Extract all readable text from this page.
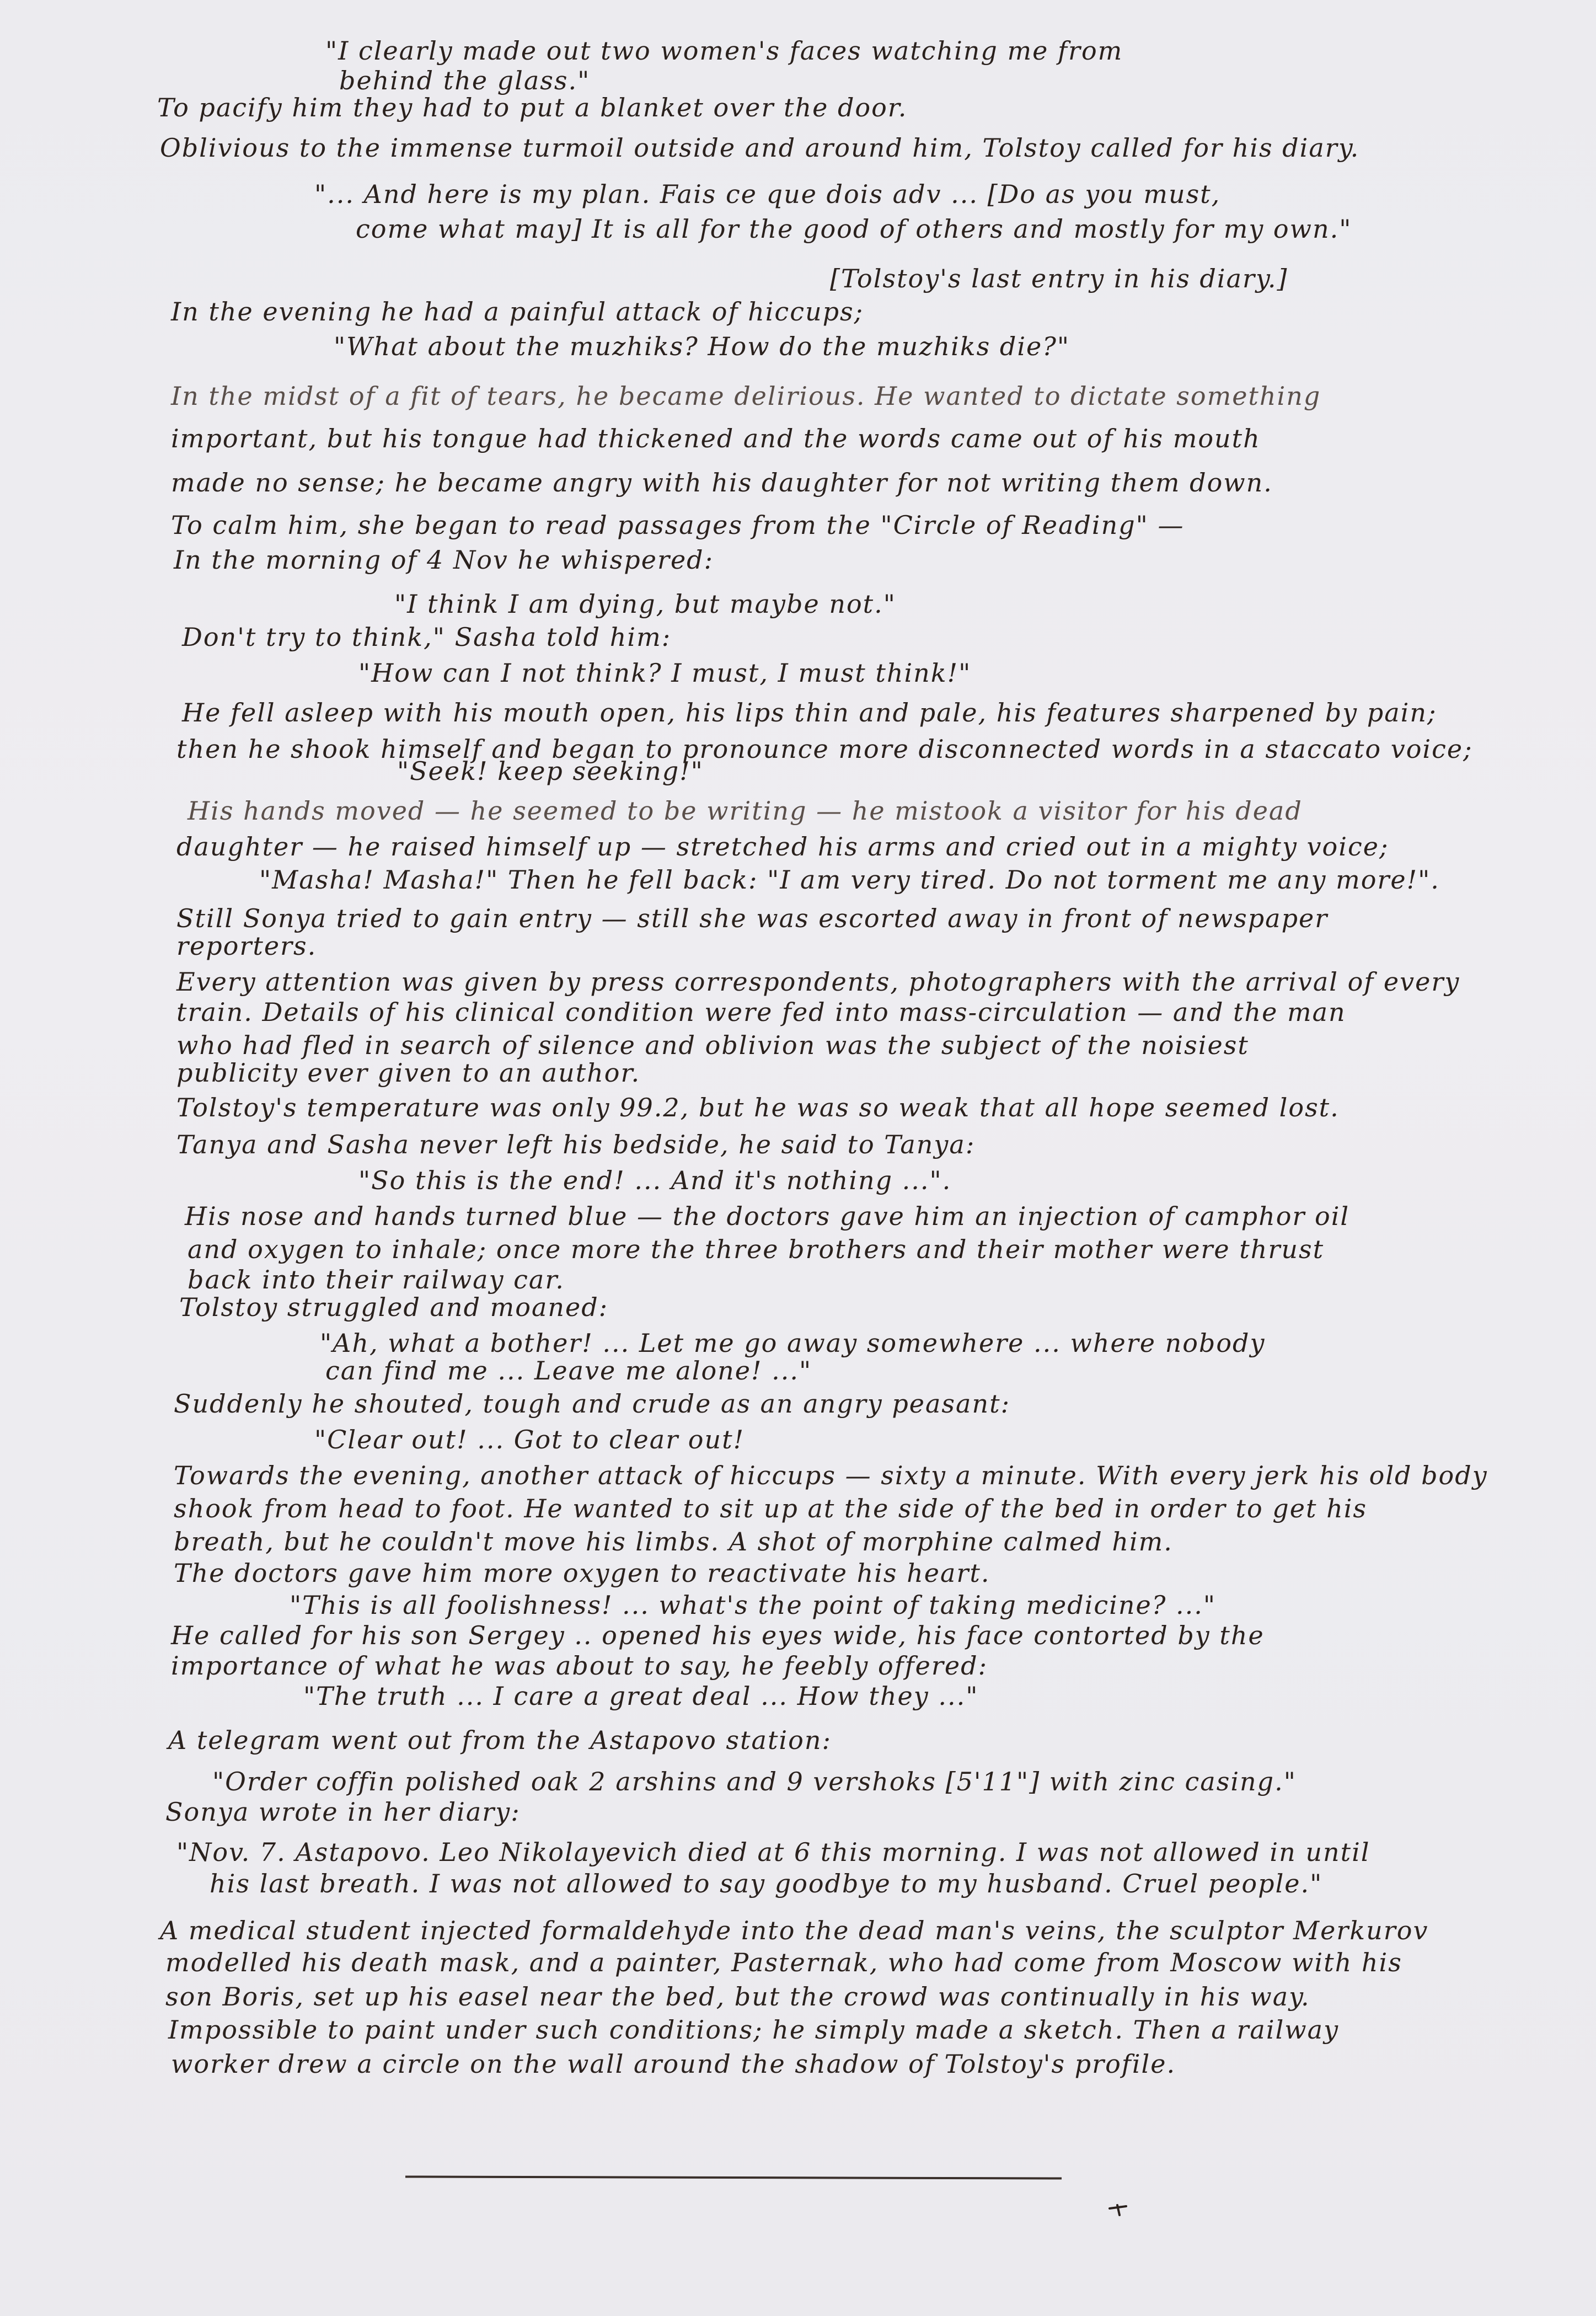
"I clearly made out two women's faces watching me from
behind the glass."
To pacify him they had to put a blanket over the door.
Oblivious to the immense turmoil outside and around him, Tolstoy called for his diary.
"... And here is my plan. Fais ce que dois adv ... [Do as you must,
come what may] It is all for the good of others and mostly for my own."
[Tolstoy's last entry in his diary.]
In the evening he had a painful attack of hiccups;
"What about the muzhiks? How do the muzhiks die?"
In the midst of a fit of tears, he became delirious. He wanted to dictate something
important, but his tongue had thickened and the words came out of his mouth
made no sense; he became angry with his daughter for not writing them down.
To calm him, she began to read passages from the "Circle of Reading" —
In the morning of 4 Nov he whispered:
"I think I am dying, but maybe not."
Don't try to think," Sasha told him:
"How can I not think? I must, I must think!"
He fell asleep with his mouth open, his lips thin and pale, his features sharpened by pain;
then he shook himself and began to pronounce more disconnected words in a staccato voice;
"Seek! keep seeking!"
His hands moved — he seemed to be writing — he mistook a visitor for his dead
daughter — he raised himself up — stretched his arms and cried out in a mighty voice;
"Masha! Masha!" Then he fell back: "I am very tired. Do not torment me any more!".
Still Sonya tried to gain entry — still she was escorted away in front of newspaper
reporters.
Every attention was given by press correspondents, photographers with the arrival of every
train. Details of his clinical condition were fed into mass-circulation — and the man
who had fled in search of silence and oblivion was the subject of the noisiest
publicity ever given to an author.
Tolstoy's temperature was only 99.2, but he was so weak that all hope seemed lost.
Tanya and Sasha never left his bedside, he said to Tanya:
"So this is the end! ... And it's nothing ...".
His nose and hands turned blue — the doctors gave him an injection of camphor oil
and oxygen to inhale; once more the three brothers and their mother were thrust
back into their railway car.
Tolstoy struggled and moaned:
"Ah, what a bother! ... Let me go away somewhere ... where nobody
can find me ... Leave me alone! ..."
Suddenly he shouted, tough and crude as an angry peasant:
"Clear out! ... Got to clear out!
Towards the evening, another attack of hiccups — sixty a minute. With every jerk his old body
shook from head to foot. He wanted to sit up at the side of the bed in order to get his
breath, but he couldn't move his limbs. A shot of morphine calmed him.
The doctors gave him more oxygen to reactivate his heart.
"This is all foolishness! ... what's the point of taking medicine? ..."
He called for his son Sergey .. opened his eyes wide, his face contorted by the
importance of what he was about to say, he feebly offered:
"The truth ... I care a great deal ... How they ..."
A telegram went out from the Astapovo station:
"Order coffin polished oak 2 arshins and 9 vershoks [5'11"] with zinc casing."
Sonya wrote in her diary:
"Nov. 7. Astapovo. Leo Nikolayevich died at 6 this morning. I was not allowed in until
his last breath. I was not allowed to say goodbye to my husband. Cruel people."
A medical student injected formaldehyde into the dead man's veins, the sculptor Merkurov
modelled his death mask, and a painter, Pasternak, who had come from Moscow with his
son Boris, set up his easel near the bed, but the crowd was continually in his way.
Impossible to paint under such conditions; he simply made a sketch. Then a railway
worker drew a circle on the wall around the shadow of Tolstoy's profile.
